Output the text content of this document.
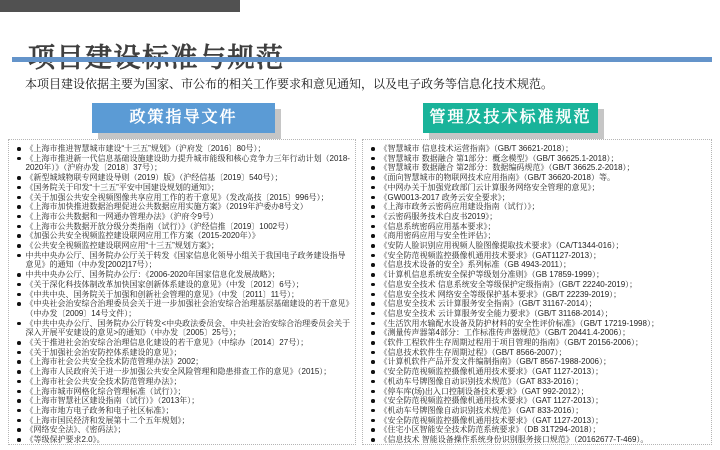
本项目建设依据主要为国家、市公布的相关工作要求和意见通知，以及电子政务等信息化技术规范。

政策指导文件	管理及技术标准规范
《上海市推进智慧城市建设“十三五”规划》（沪府发〔2016〕80号）；
《上海市推进新一代信息基础设施建设助力提升城市能级和核心竞争力三年行动计划（2018-2020年）》（沪府办发〔2018〕37号）；
《新型城域物联专网建设导则（2019）版》（沪经信基〔2019〕540号）；
《国务院关于印发“十三五”平安中国建设规划的通知》；
《关于加强公共安全视频图像共享应用工作的若干意见》（发改高技〔2015〕996号）；
《上海市加快推进数据治理促进公共数据应用实施方案》（2019年沪委办8号文）
《上海市公共数据和一网通办管理办法》（沪府令9号）
《上海市公共数据开放分级分类指南（试行）》（沪经信推〔2019〕1002号）
《加强公共安全视频监控建设联网应用工作方案（2015-2020年）》
《公共安全视频监控建设联网应用“十三五”规划方案》；
中共中央办公厅、国务院办公厅关于转发《国家信息化领导小组关于我国电子政务建设指导意见》的通知（中办发[2002]17号）；
中共中央办公厅、国务院办公厅：《2006-2020年国家信息化发展战略》；
《关于深化科技体制改革加快国家创新体系建设的意见》（中发〔2012〕6号）；
《中共中央、国务院关于加强和创新社会管理的意见》（中发〔2011〕11号）；
《中央社会治安综合治理委员会关于进一步加强社会治安综合治理基层基础建设的若干意见》（中办发〔2009〕14号文件）；
《中共中央办公厅、国务院办公厅转发<中央政法委员会、中央社会治安综合治理委员会关于深入开展平安建设的意见>的通知》（中办发〔2005〕25号）；
《关于推进社会治安综合治理信息化建设的若干意见》（中综办〔2014〕27号）；
《关于加强社会治安防控体系建设的意见》；
《上海市社会公共安全技术防范管理办法》2002；
《上海市人民政府关于进一步加强公共安全风险管理和隐患排查工作的意见》（2015）；
《上海市社会公共安全技术防范管理办法》；
《上海市城市网格化综合管理标准（试行）》；
《上海市智慧社区建设指南（试行）》（2013年）；
《上海市地方电子政务和电子社区标准》；
《上海市国民经济和发展第十二个五年规划》；
《网络安全法》、《密码法》；
《等级保护要求2.0》。
《智慧城市 信息技术运营指南》（GB/T 36621-2018）；
《智慧城市 数据融合 第1部分：概念模型》（GB/T 36625.1-2018）；
《智慧城市 数据融合 第2部分：数据编码规范》（GB/T 36625.2-2018）；
《面向智慧城市的物联网技术应用指南》（GB/T 36620-2018）等。
《中网办关于加强党政部门云计算服务网络安全管理的意见》；
《GW0013-2017 政务云安全要求》；
《上海市政务云密码应用建设指南（试行）》；
《云密码服务技术白皮书2019》；
《信息系统密码应用基本要求》；
《商用密码应用与安全性评估》；
《安防人脸识别应用视频人脸图像提取技术要求》（CA/T1344-016）；
《安全防范视频监控摄像机通用技术要求》（GAT1127-2013）；
《信息技术设备的安全》系列标准（GB 4943-2011）；
《计算机信息系统安全保护等级划分准则》（GB 17859-1999）；
《信息安全技术 信息系统安全等级保护定级指南》（GB/T 22240-2019）；
《信息安全技术 网络安全等级保护基本要求》（GB/T 22239-2019）；
《信息安全技术 云计算服务安全指南》（GB/T 31167-2014）；
《信息安全技术 云计算服务安全能力要求》（GB/T 31168-2014）；
《生活饮用水输配水设备及防护材料的安全性评价标准》（GB/T 17219-1998）；
《测量传声器第4部分：工作标准传声器规范》（GB/T 20441.4-2006）；
《软件工程软件生存周期过程用于项目管理的指南》（GB/T 20156-2006）；
《信息技术软件生存周期过程》（GB/T 8566-2007）；
《计算机软件产品开发文件编制指南》（GB/T 8567-1988-2006）；
《安全防范视频监控摄像机通用技术要求》（GAT 1127-2013）；
《机动车号牌图像自动识别技术规范》（GAT 833-2016）；
《停车库(场)出入口控制设备技术要求》（GAT 992-2012）；
《安全防范视频监控摄像机通用技术要求》（GAT 1127-2013）；
《机动车号牌图像自动识别技术规范》（GAT 833-2016）；
《安全防范视频监控摄像机通用技术要求》（GAT 1127-2013）；
《住宅小区智能安全技术防范系统要求》（DB 31T294-2018）；
《信息技术 智能设备操作系统身份识别服务接口规范》（20162677-T-469）。
